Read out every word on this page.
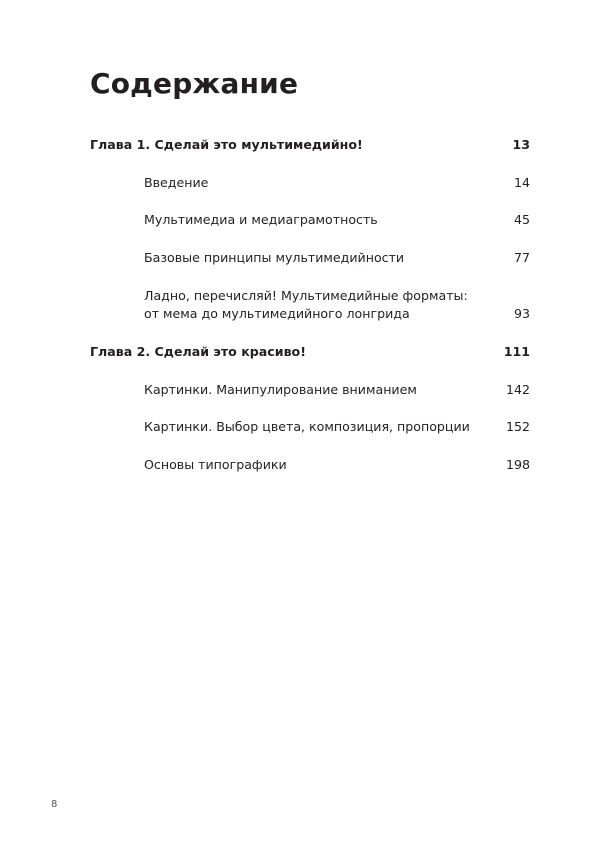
Содержание
Глава 1. Сделай это мультимедийно!	13
Введение	14
Мультимедиа и медиаграмотность	45
Базовые принципы мультимедийности	77
Ладно, перечисляй! Мультимедийные форматы:
от мема до мультимедийного лонгрида	93
Глава 2. Сделай это красиво!	111
Картинки. Манипулирование вниманием	142
Картинки. Выбор цвета, композиция, пропорции	152
Основы типографики	198
8
